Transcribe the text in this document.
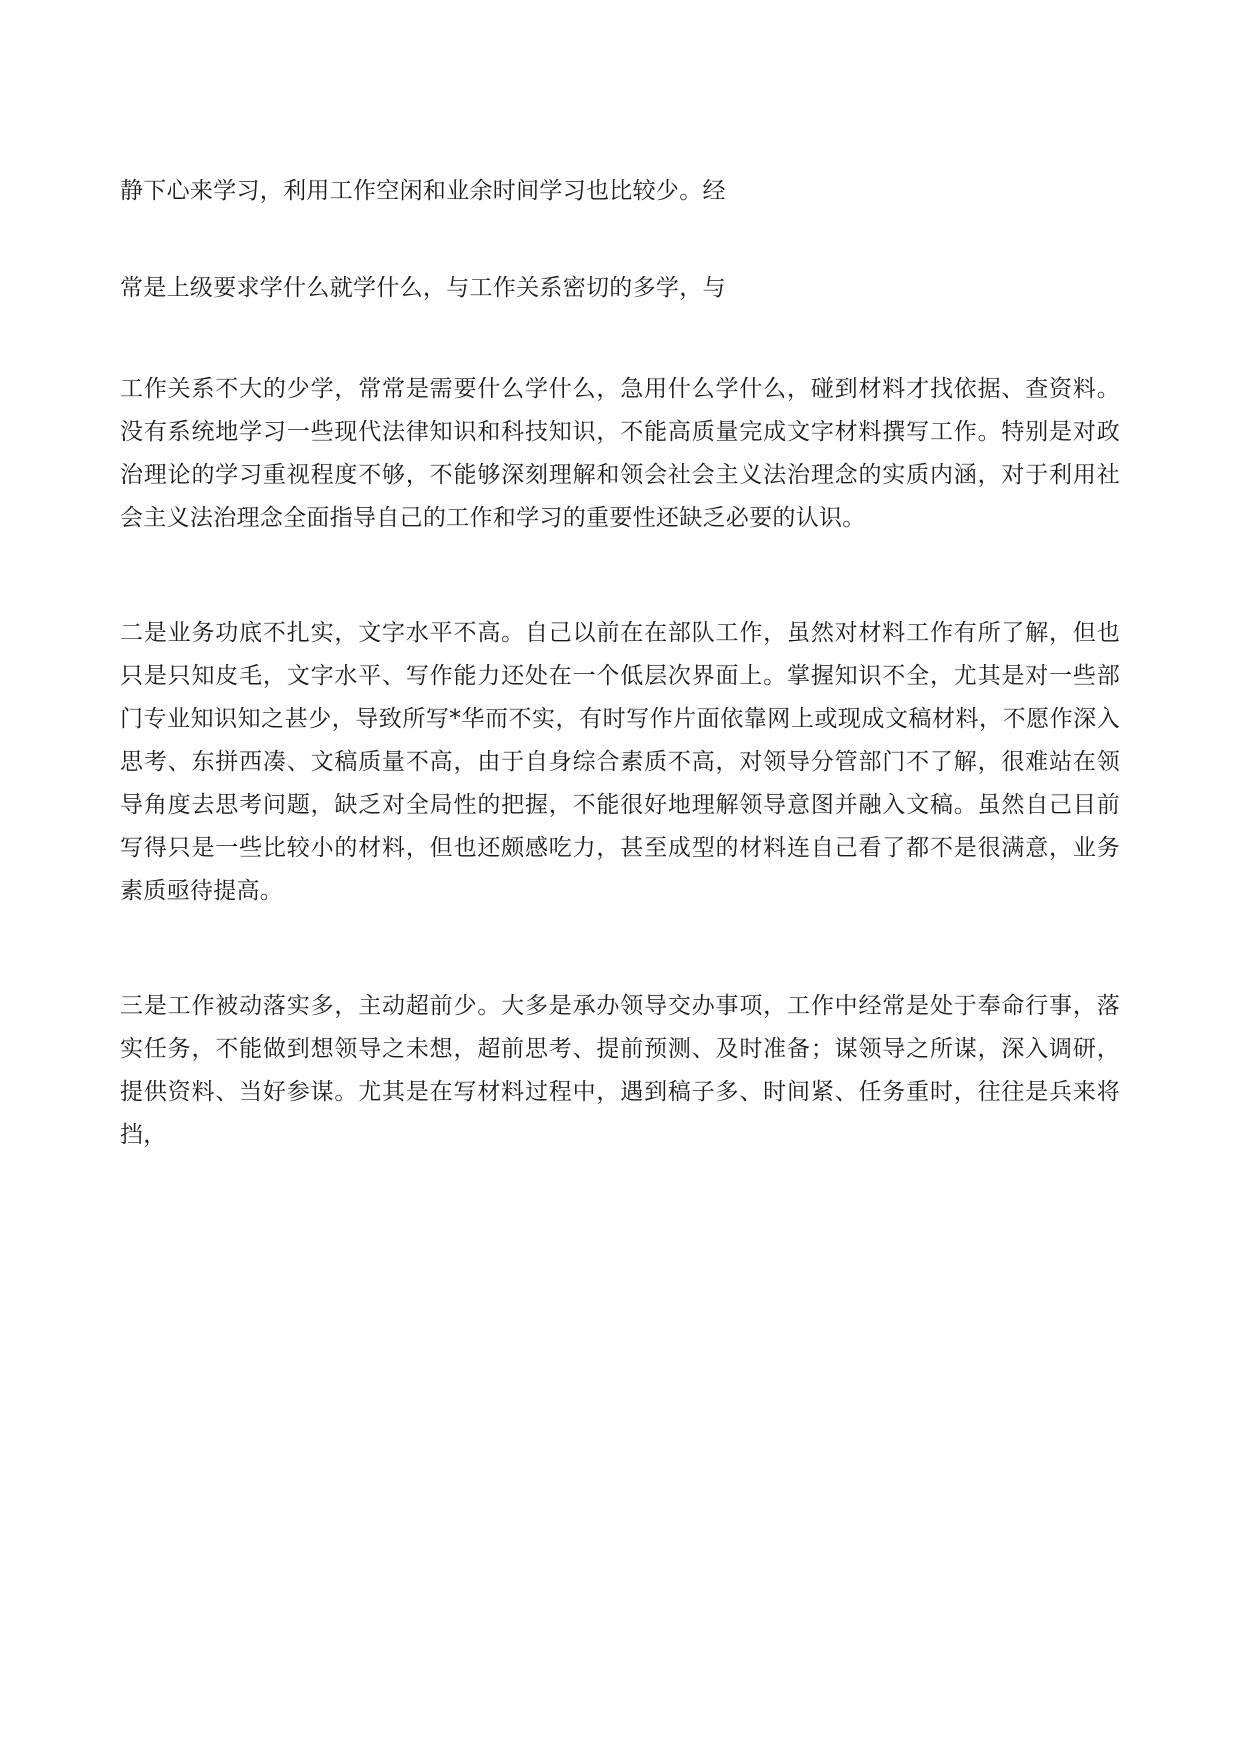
静下心来学习，利用工作空闲和业余时间学习也比较少。经

常是上级要求学什么就学什么，与工作关系密切的多学，与

工作关系不大的少学，常常是需要什么学什么，急用什么学什么，碰到材料才找依据、查资料。没有系统地学习一些现代法律知识和科技知识，不能高质量完成文字材料撰写工作。特别是对政治理论的学习重视程度不够，不能够深刻理解和领会社会主义法治理念的实质内涵，对于利用社会主义法治理念全面指导自己的工作和学习的重要性还缺乏必要的认识。

二是业务功底不扎实，文字水平不高。自己以前在在部队工作，虽然对材料工作有所了解，但也只是只知皮毛，文字水平、写作能力还处在一个低层次界面上。掌握知识不全，尤其是对一些部门专业知识知之甚少，导致所写*华而不实，有时写作片面依靠网上或现成文稿材料，不愿作深入思考、东拼西凑、文稿质量不高，由于自身综合素质不高，对领导分管部门不了解，很难站在领导角度去思考问题，缺乏对全局性的把握，不能很好地理解领导意图并融入文稿。虽然自己目前写得只是一些比较小的材料，但也还颇感吃力，甚至成型的材料连自己看了都不是很满意，业务素质亟待提高。

三是工作被动落实多，主动超前少。大多是承办领导交办事项，工作中经常是处于奉命行事，落实任务，不能做到想领导之未想，超前思考、提前预测、及时准备；谋领导之所谋，深入调研，提供资料、当好参谋。尤其是在写材料过程中，遇到稿子多、时间紧、任务重时，往往是兵来将挡，
